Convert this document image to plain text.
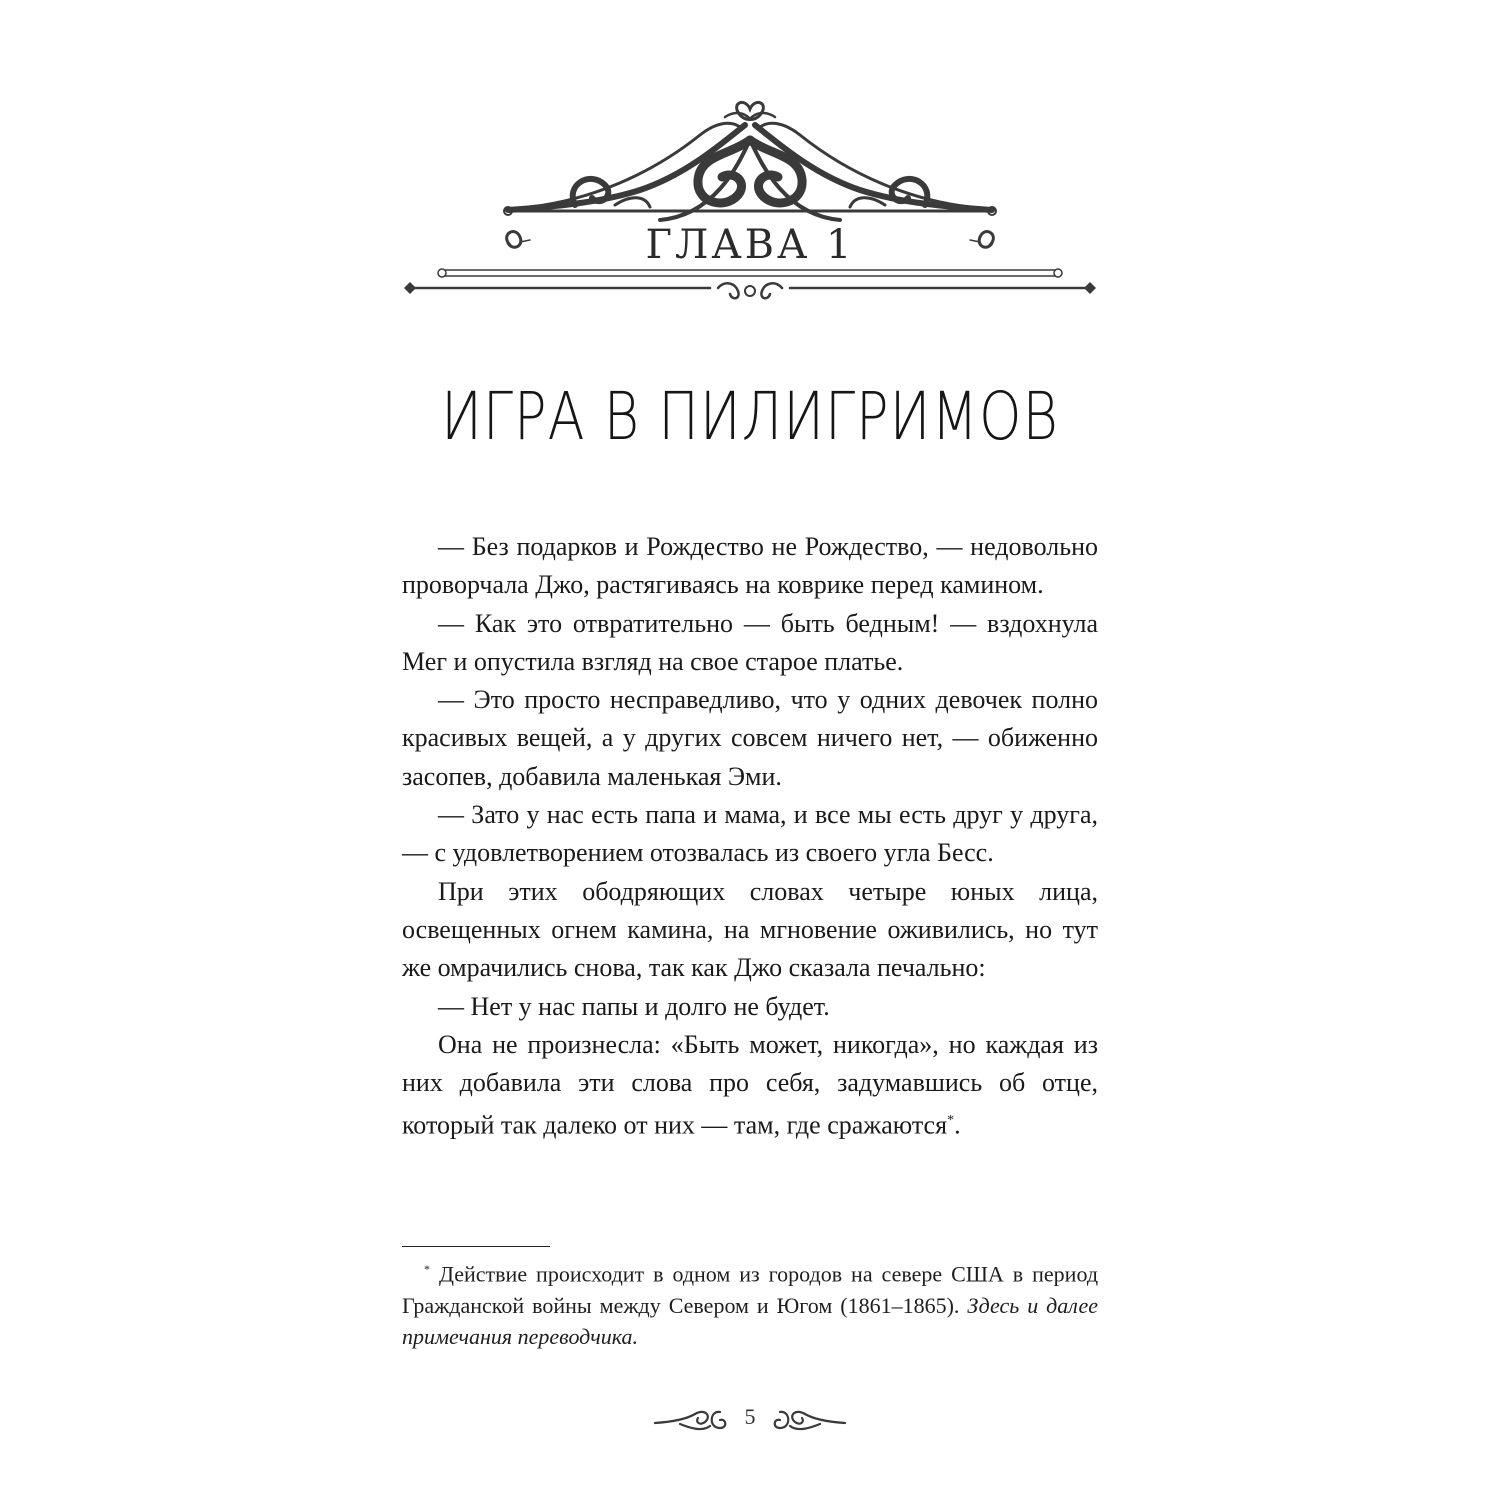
ГЛАВА 1
ИГРА В ПИЛИГРИМОВ

— Без подарков и Рождество не Рождество, — недовольно проворчала Джо, растягиваясь на коврике перед камином.

— Как это отвратительно — быть бедным! — вздохнула Мег и опустила взгляд на свое старое платье.

— Это просто несправедливо, что у одних девочек полно красивых вещей, а у других совсем ничего нет, — обиженно засопев, добавила маленькая Эми.

— Зато у нас есть папа и мама, и все мы есть друг у друга, — с удовлетворением отозвалась из своего угла Бесс.

При этих ободряющих словах четыре юных лица, освещенных огнем камина, на мгновение оживились, но тут же омрачились снова, так как Джо сказала печально:

— Нет у нас папы и долго не будет.

Она не произнесла: «Быть может, никогда», но каждая из них добавила эти слова про себя, задумавшись об отце, который так далеко от них — там, где сражаются*.

* Действие происходит в одном из городов на севере США в период Гражданской войны между Севером и Югом (1861–1865). Здесь и далее примечания переводчика.

5
